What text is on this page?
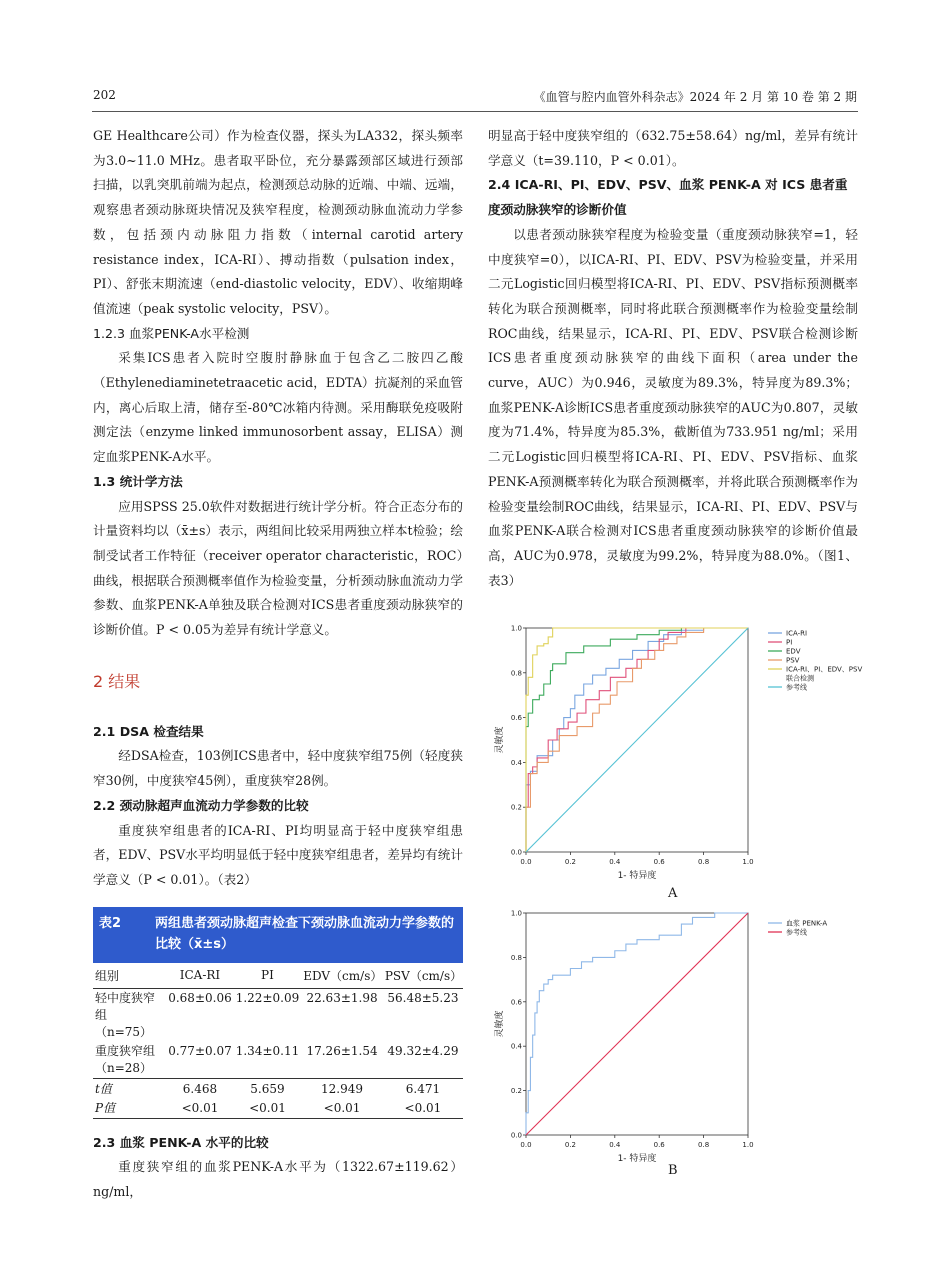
202	《血管与腔内血管外科杂志》2024 年 2 月 第 10 卷 第 2 期

GE Healthcare公司）作为检查仪器，探头为LA332，探头频率为3.0~11.0 MHz。患者取平卧位，充分暴露颈部区域进行颈部扫描，以乳突肌前端为起点，检测颈总动脉的近端、中端、远端，观察患者颈动脉斑块情况及狭窄程度，检测颈动脉血流动力学参数，包括颈内动脉阻力指数（internal carotid artery resistance index，ICA-RI）、搏动指数（pulsation index，PI）、舒张末期流速（end-diastolic velocity，EDV）、收缩期峰值流速（peak systolic velocity，PSV）。

1.2.3 血浆PENK-A水平检测

采集ICS患者入院时空腹肘静脉血于包含乙二胺四乙酸（Ethylenediaminetetraacetic acid，EDTA）抗凝剂的采血管内，离心后取上清，储存至-80℃冰箱内待测。采用酶联免疫吸附测定法（enzyme linked immunosorbent assay，ELISA）测定血浆PENK-A水平。

1.3 统计学方法

应用SPSS 25.0软件对数据进行统计学分析。符合正态分布的计量资料均以（x̄±s）表示，两组间比较采用两独立样本t检验；绘制受试者工作特征（receiver operator characteristic，ROC）曲线，根据联合预测概率值作为检验变量，分析颈动脉血流动力学参数、血浆PENK-A单独及联合检测对ICS患者重度颈动脉狭窄的诊断价值。P < 0.05为差异有统计学意义。

2 结果
2.1 DSA 检查结果

经DSA检查，103例ICS患者中，轻中度狭窄组75例（轻度狭窄30例，中度狭窄45例），重度狭窄28例。

2.2 颈动脉超声血流动力学参数的比较

重度狭窄组患者的ICA-RI、PI均明显高于轻中度狭窄组患者，EDV、PSV水平均明显低于轻中度狭窄组患者，差异均有统计学意义（P < 0.01）。（表2）

表2	两组患者颈动脉超声检查下颈动脉血流动力学参数的比较（x̄±s）
组别	ICA-RI	PI	EDV（cm/s）	PSV（cm/s）
轻中度狭窄组
（n=75）	0.68±0.06	1.22±0.09	22.63±1.98	56.48±5.23
重度狭窄组
（n=28）	0.77±0.07	1.34±0.11	17.26±1.54	49.32±4.29
t值	6.468	5.659	12.949	6.471
P值	<0.01	<0.01	<0.01	<0.01
2.3 血浆 PENK-A 水平的比较

重度狭窄组的血浆PENK-A水平为（1322.67±119.62）ng/ml，

明显高于轻中度狭窄组的（632.75±58.64）ng/ml，差异有统计学意义（t=39.110，P < 0.01）。

2.4 ICA-RI、PI、EDV、PSV、血浆 PENK-A 对 ICS 患者重度颈动脉狭窄的诊断价值

以患者颈动脉狭窄程度为检验变量（重度颈动脉狭窄=1，轻中度狭窄=0），以ICA-RI、PI、EDV、PSV为检验变量，并采用二元Logistic回归模型将ICA-RI、PI、EDV、PSV指标预测概率转化为联合预测概率，同时将此联合预测概率作为检验变量绘制ROC曲线，结果显示，ICA-RI、PI、EDV、PSV联合检测诊断ICS患者重度颈动脉狭窄的曲线下面积（area under the curve，AUC）为0.946，灵敏度为89.3%，特异度为89.3%；血浆PENK-A诊断ICS患者重度颈动脉狭窄的AUC为0.807，灵敏度为71.4%，特异度为85.3%，截断值为733.951 ng/ml；采用二元Logistic回归模型将ICA-RI、PI、EDV、PSV指标、血浆PENK-A预测概率转化为联合预测概率，并将此联合预测概率作为检验变量绘制ROC曲线，结果显示，ICA-RI、PI、EDV、PSV与血浆PENK-A联合检测对ICS患者重度颈动脉狭窄的诊断价值最高，AUC为0.978，灵敏度为99.2%，特异度为88.0%。（图1、表3）

0.0
0.0
0.2
0.2
0.4
0.4
0.6
0.6
0.8
0.8
1.0
1.0
1- 特异度
灵敏度
ICA-RI
PI
EDV
PSV
ICA-RI、PI、EDV、PSV
联合检测
参考线
A
0.0
0.0
0.2
0.2
0.4
0.4
0.6
0.6
0.8
0.8
1.0
1.0
1- 特异度
灵敏度
血浆 PENK-A
参考线
B
